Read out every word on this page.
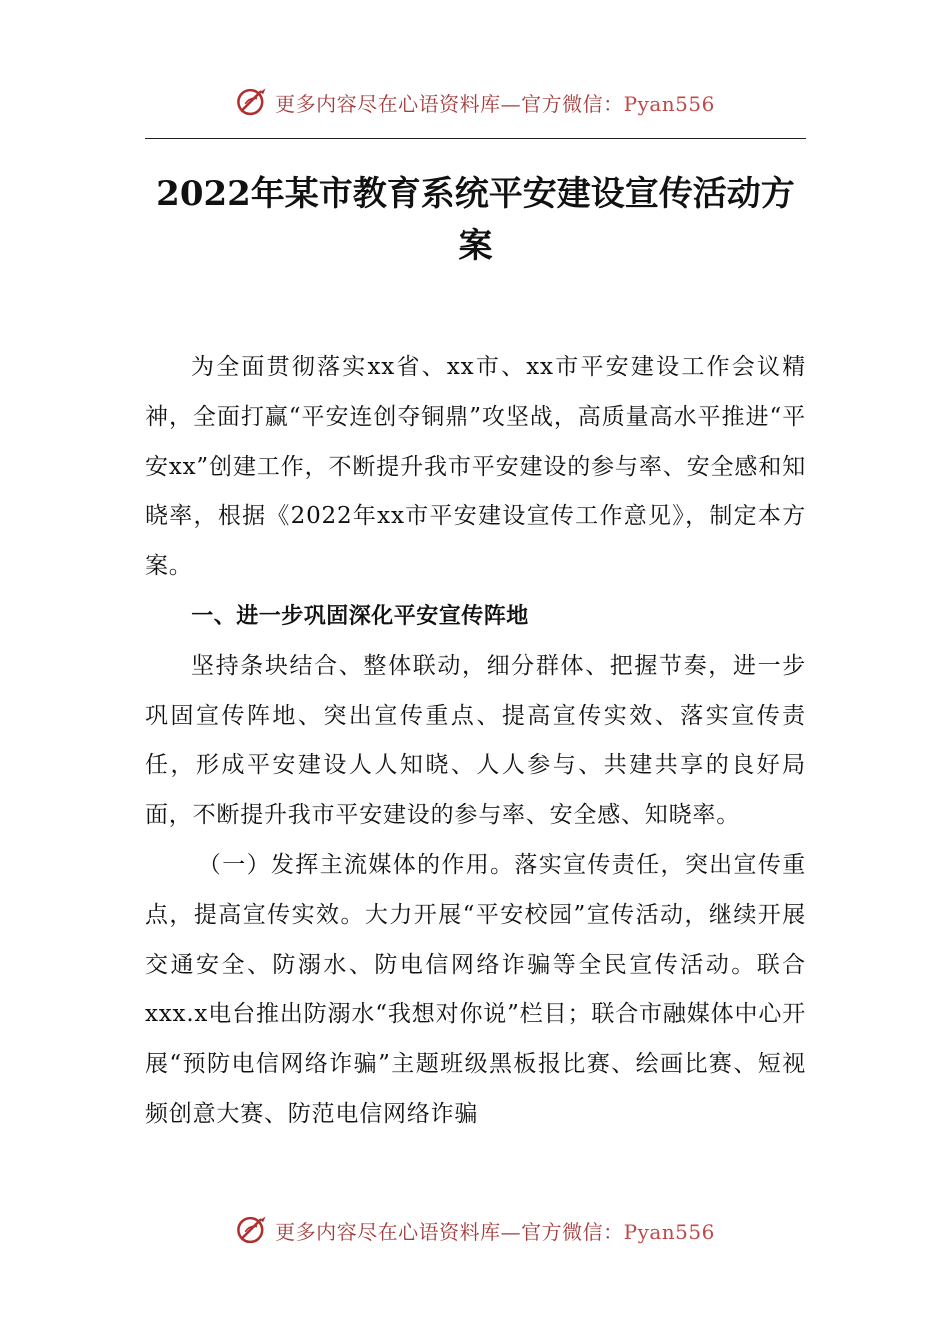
更多内容尽在心语资料库—官方微信：Pyan556
2022年某市教育系统平安建设宣传活动方案

为全面贯彻落实xx省、xx市、xx市平安建设工作会议精神，全面打赢“平安连创夺铜鼎”攻坚战，高质量高水平推进“平安xx”创建工作，不断提升我市平安建设的参与率、安全感和知晓率，根据《2022年xx市平安建设宣传工作意见》，制定本方案。

一、进一步巩固深化平安宣传阵地

坚持条块结合、整体联动，细分群体、把握节奏，进一步巩固宣传阵地、突出宣传重点、提高宣传实效、落实宣传责任，形成平安建设人人知晓、人人参与、共建共享的良好局面，不断提升我市平安建设的参与率、安全感、知晓率。

（一）发挥主流媒体的作用。落实宣传责任，突出宣传重点，提高宣传实效。大力开展“平安校园”宣传活动，继续开展交通安全、防溺水、防电信网络诈骗等全民宣传活动。联合xxx.x电台推出防溺水“我想对你说”栏目；联合市融媒体中心开展“预防电信网络诈骗”主题班级黑板报比赛、绘画比赛、短视频创意大赛、防范电信网络诈骗

更多内容尽在心语资料库—官方微信：Pyan556
